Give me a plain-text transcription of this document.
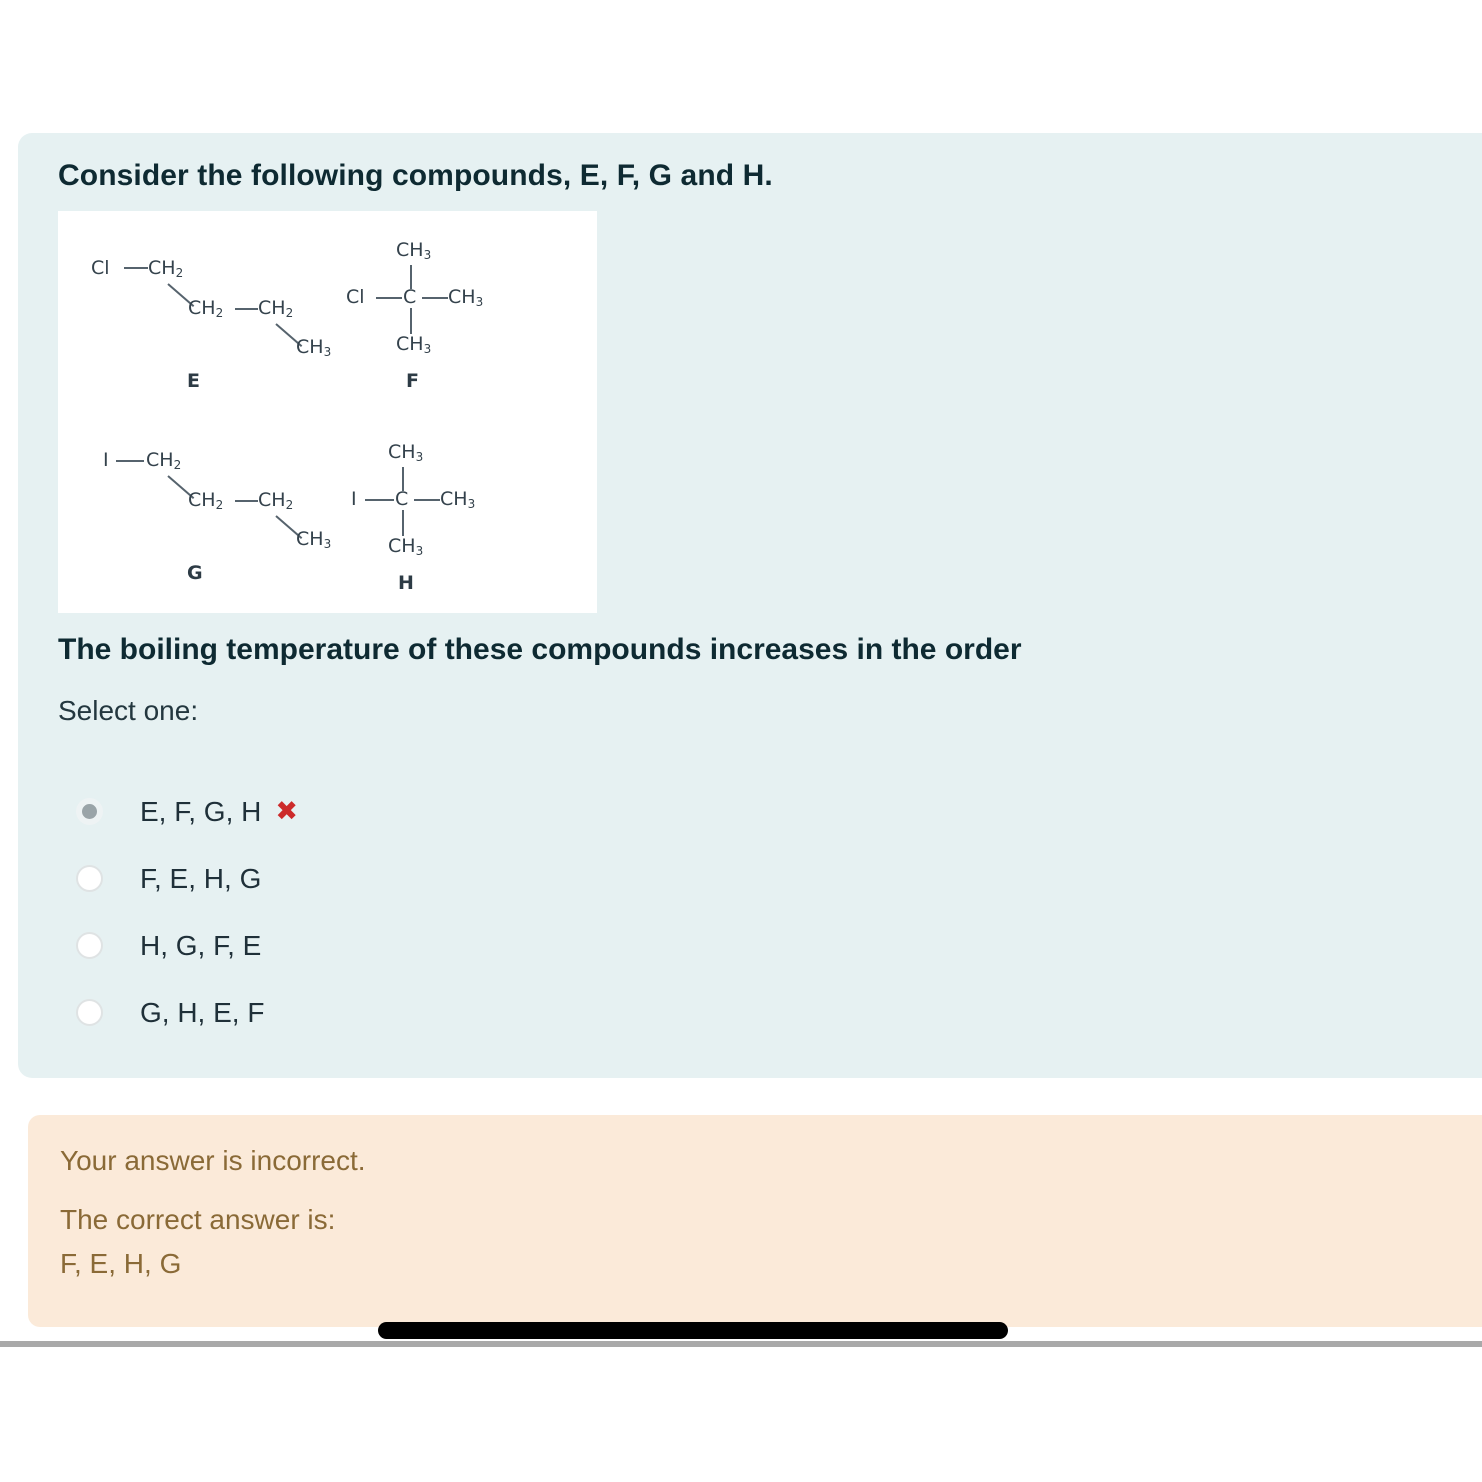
Consider the following compounds, E, F, G and H.
Cl $CH_2$
$CH_2$ $CH_2$
$CH_3$
E
$CH_3$
Cl C $CH_3$
$CH_3$
F
I $CH_2$
$CH_2$ $CH_2$
$CH_3$
G
$CH_3$
I C $CH_3$
$CH_3$
H
The boiling temperature of these compounds increases in the order
Select one:
E, F, G, H ✖
F, E, H, G
H, G, F, E
G, H, E, F
Your answer is incorrect.
The correct answer is:
F, E, H, G
